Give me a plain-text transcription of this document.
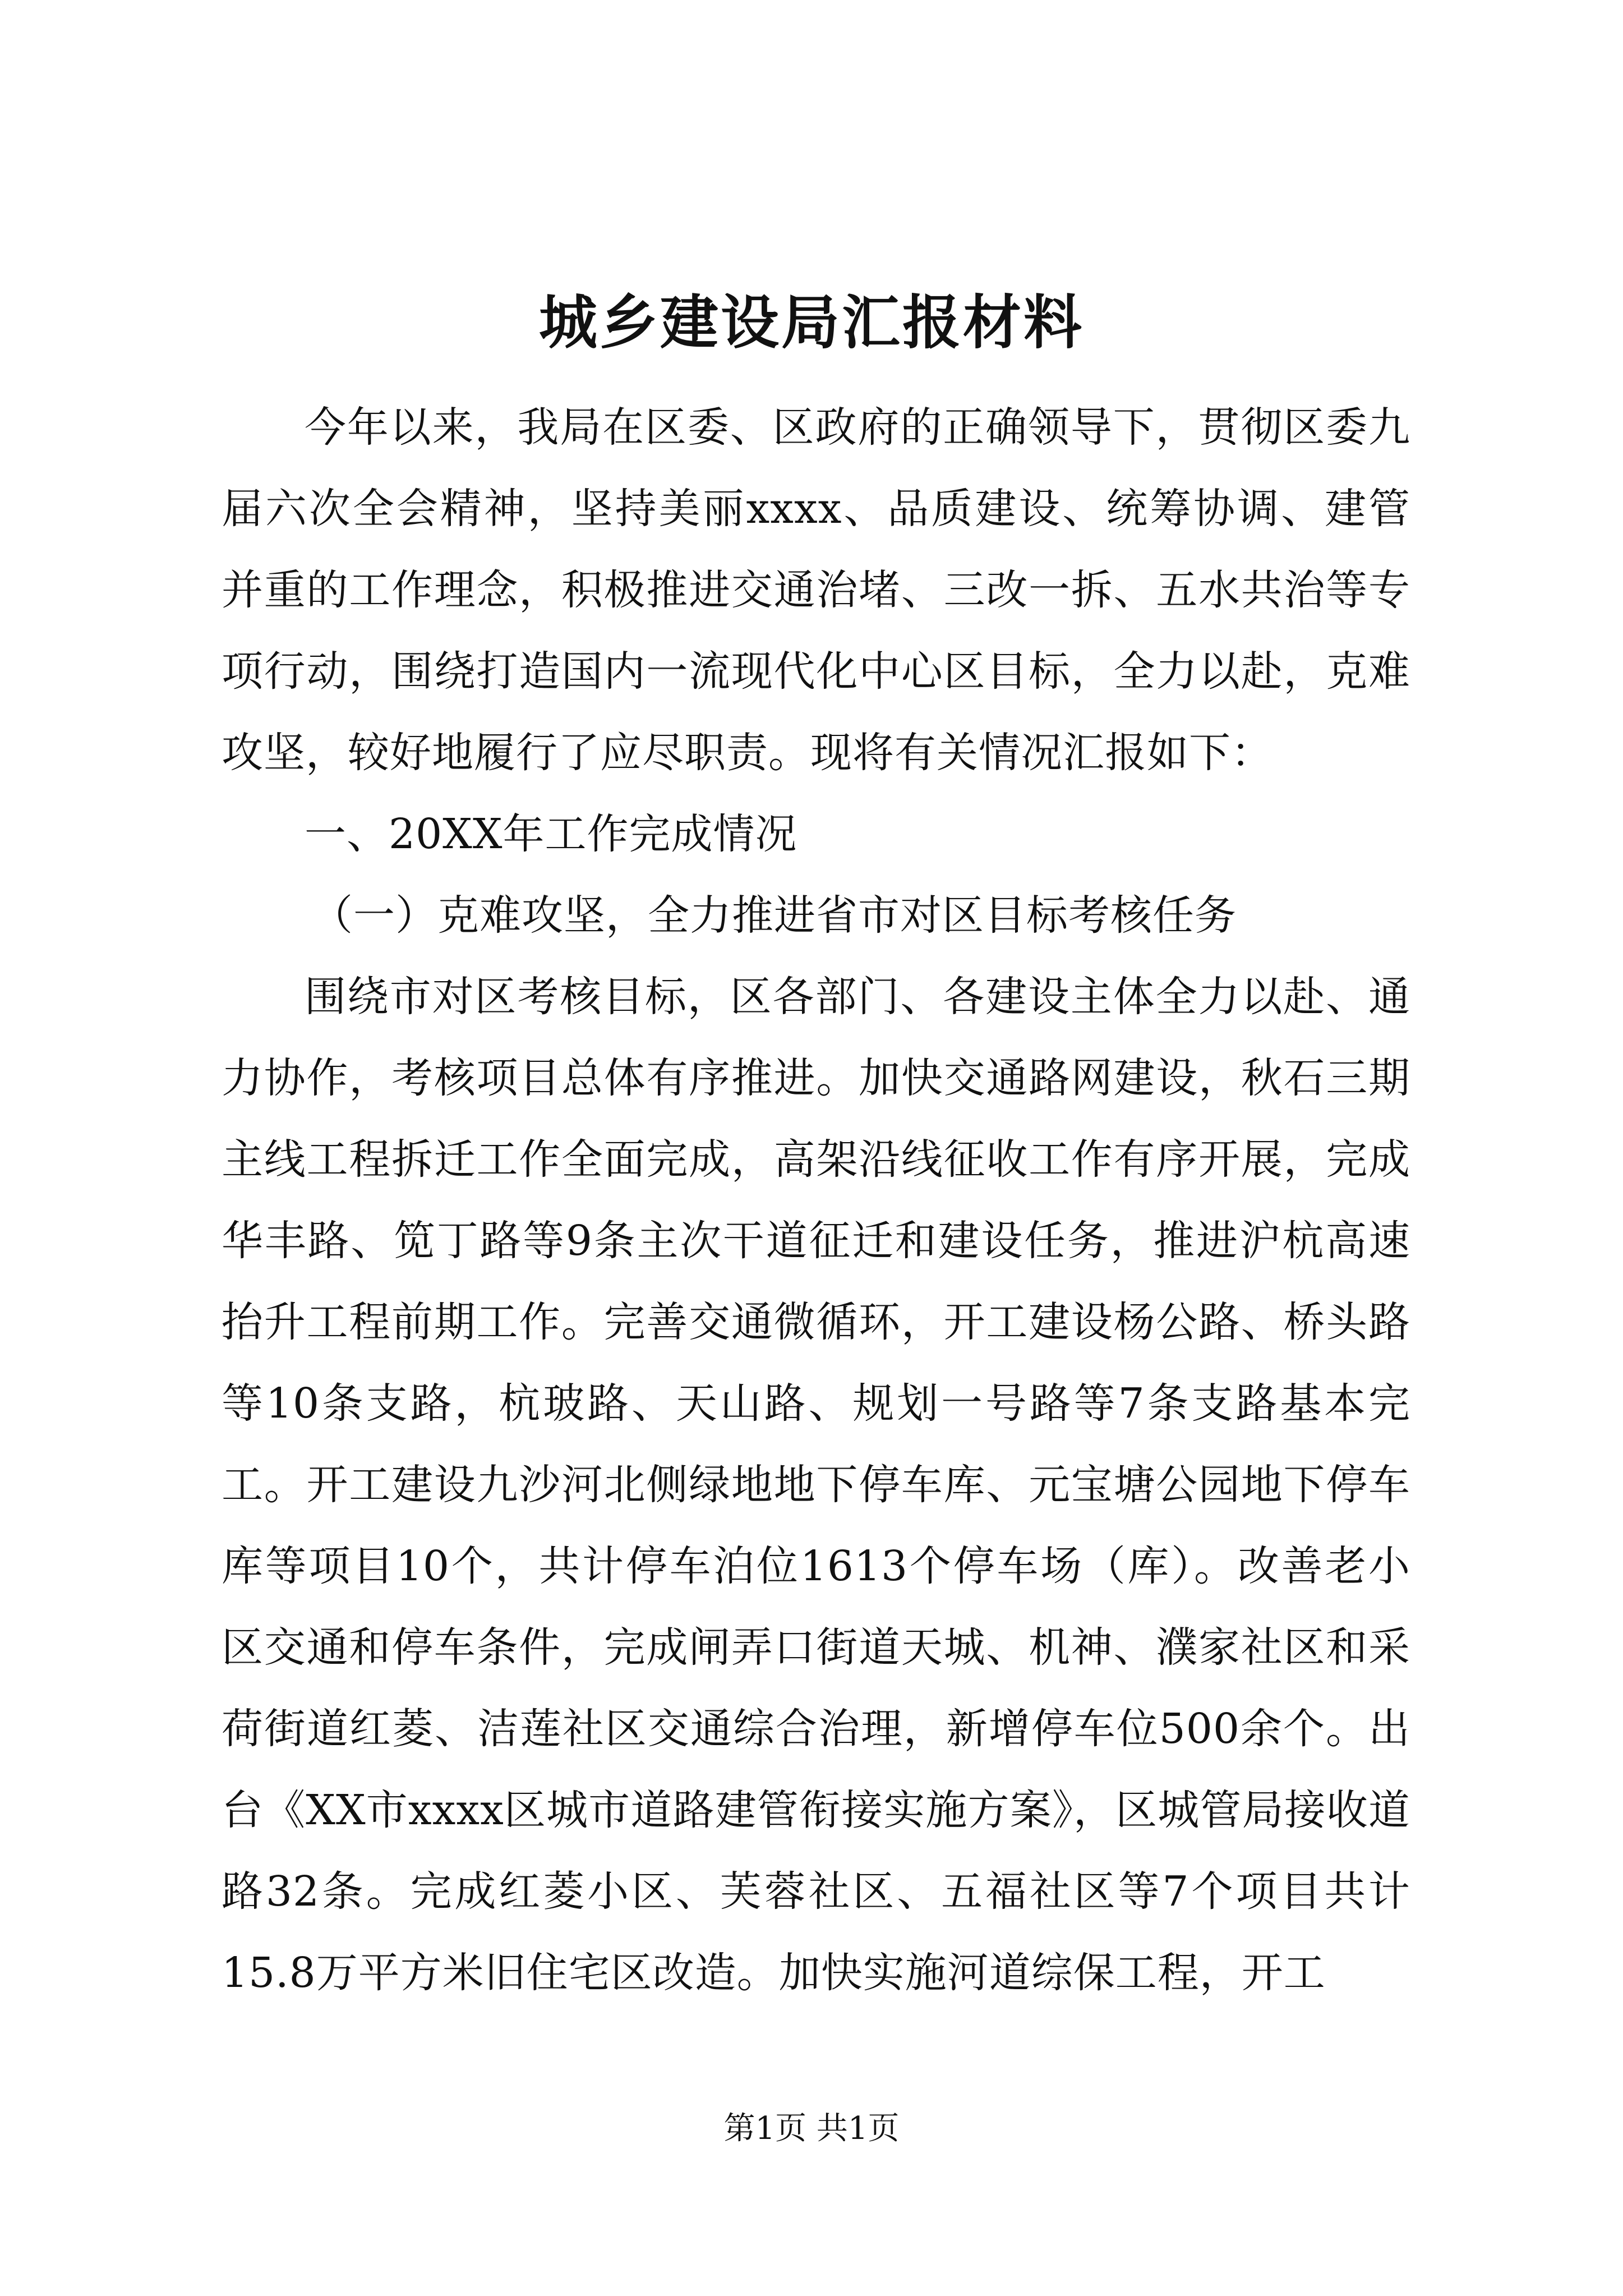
城乡建设局汇报材料

今年以来，我局在区委、区政府的正确领导下，贯彻区委九届六次全会精神，坚持美丽xxxx、品质建设、统筹协调、建管并重的工作理念，积极推进交通治堵、三改一拆、五水共治等专项行动，围绕打造国内一流现代化中心区目标，全力以赴，克难攻坚，较好地履行了应尽职责。现将有关情况汇报如下：

一、20XX年工作完成情况

（一）克难攻坚，全力推进省市对区目标考核任务

围绕市对区考核目标，区各部门、各建设主体全力以赴、通力协作，考核项目总体有序推进。加快交通路网建设，秋石三期主线工程拆迁工作全面完成，高架沿线征收工作有序开展，完成华丰路、笕丁路等9条主次干道征迁和建设任务，推进沪杭高速抬升工程前期工作。完善交通微循环，开工建设杨公路、桥头路等10条支路，杭玻路、天山路、规划一号路等7条支路基本完工。开工建设九沙河北侧绿地地下停车库、元宝塘公园地下停车库等项目10个，共计停车泊位1613个停车场（库）。改善老小区交通和停车条件，完成闸弄口街道天城、机神、濮家社区和采荷街道红菱、洁莲社区交通综合治理，新增停车位500余个。出台《XX市xxxx区城市道路建管衔接实施方案》，区城管局接收道路32条。完成红菱小区、芙蓉社区、五福社区等7个项目共计15.8万平方米旧住宅区改造。加快实施河道综保工程，开工

第1页 共1页
